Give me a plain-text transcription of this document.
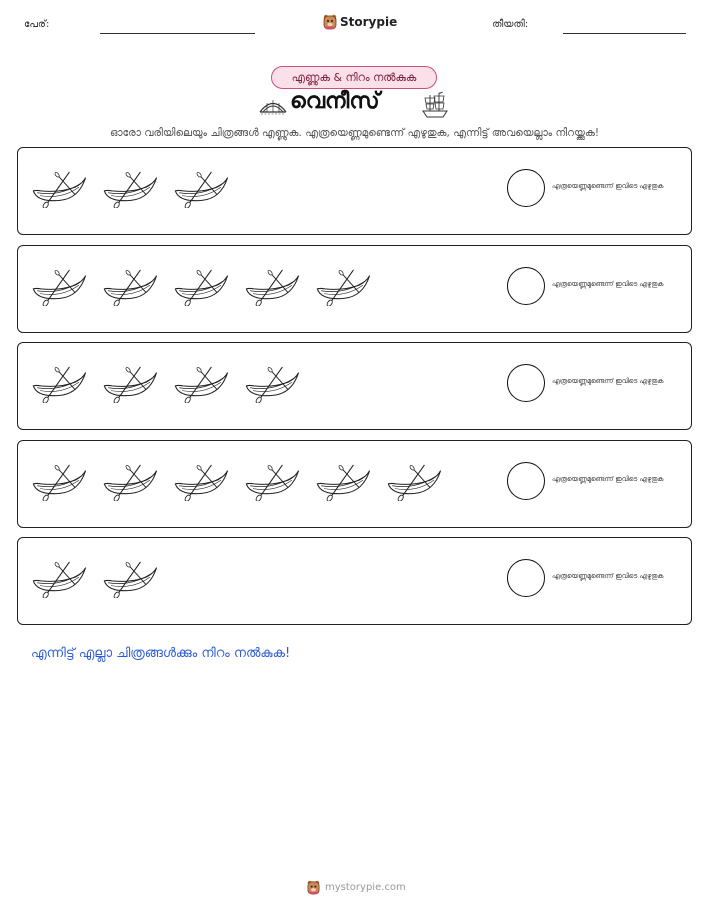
പേര്:	Storypie	തീയതി:
എണ്ണുക & നിറം നൽകുക
വെനീസ്
ഓരോ വരിയിലെയും ചിത്രങ്ങൾ എണ്ണുക. എത്രയെണ്ണമുണ്ടെന്ന് എഴുതുക, എന്നിട്ട് അവയെല്ലാം നിറയ്ക്കുക!
എത്രയെണ്ണമുണ്ടെന്ന് ഇവിടെ എഴുതുക
എത്രയെണ്ണമുണ്ടെന്ന് ഇവിടെ എഴുതുക
എത്രയെണ്ണമുണ്ടെന്ന് ഇവിടെ എഴുതുക
എത്രയെണ്ണമുണ്ടെന്ന് ഇവിടെ എഴുതുക
എത്രയെണ്ണമുണ്ടെന്ന് ഇവിടെ എഴുതുക
എന്നിട്ട് എല്ലാ ചിത്രങ്ങൾക്കും നിറം നൽകുക!
mystorypie.com
